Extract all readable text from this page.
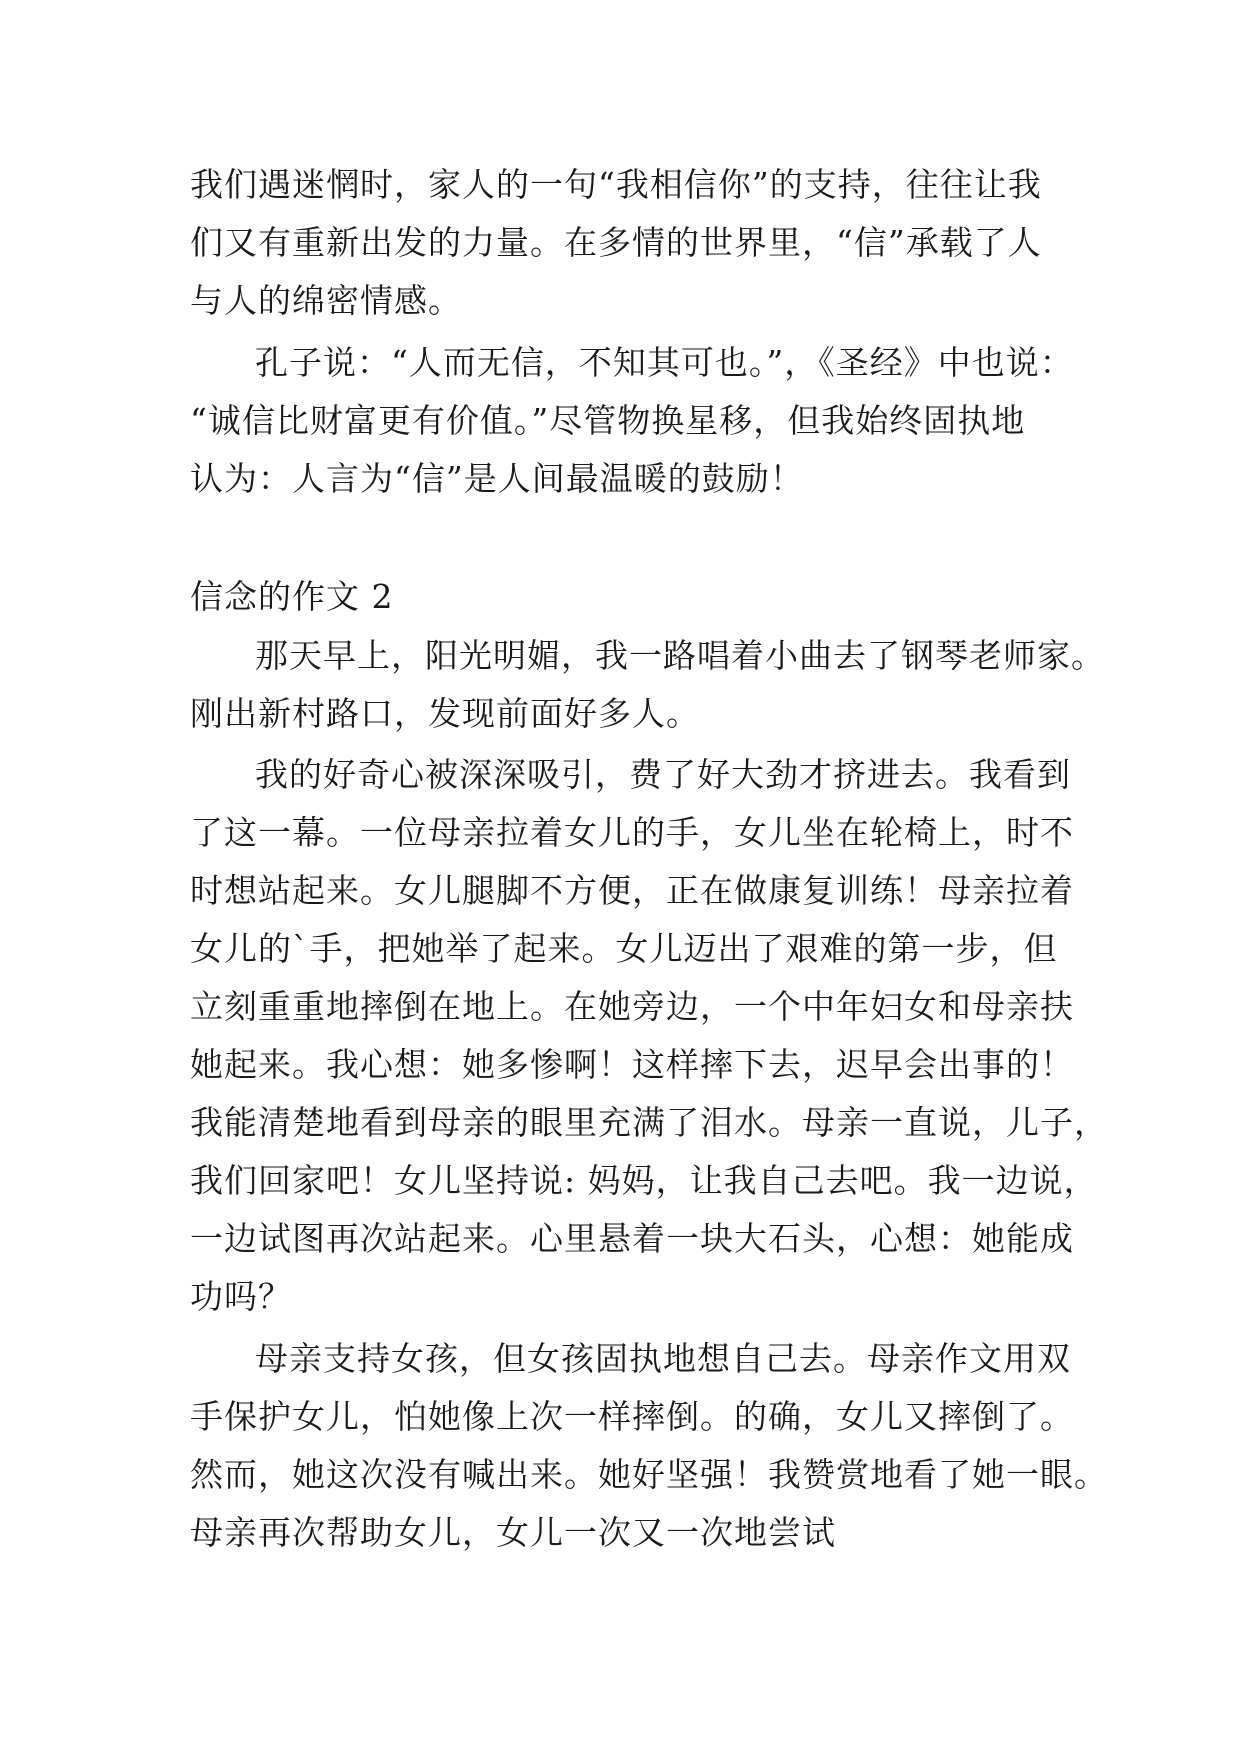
我们遇迷惘时，家人的一句“我相信你”的支持，往往让我
们又有重新出发的力量。在多情的世界里，“信”承载了人
与人的绵密情感。
孔子说：“人而无信，不知其可也。”，《圣经》中也说：
“诚信比财富更有价值。”尽管物换星移，但我始终固执地
认为：人言为“信”是人间最温暖的鼓励！
信念的作文 2
那天早上，阳光明媚，我一路唱着小曲去了钢琴老师家。
刚出新村路口，发现前面好多人。
我的好奇心被深深吸引，费了好大劲才挤进去。我看到
了这一幕。一位母亲拉着女儿的手，女儿坐在轮椅上，时不
时想站起来。女儿腿脚不方便，正在做康复训练！母亲拉着
女儿的`手，把她举了起来。女儿迈出了艰难的第一步，但
立刻重重地摔倒在地上。在她旁边，一个中年妇女和母亲扶
她起来。我心想：她多惨啊！这样摔下去，迟早会出事的！
我能清楚地看到母亲的眼里充满了泪水。母亲一直说，儿子，
我们回家吧！女儿坚持说: 妈妈，让我自己去吧。我一边说，
一边试图再次站起来。心里悬着一块大石头，心想：她能成
功吗？
母亲支持女孩，但女孩固执地想自己去。母亲作文用双
手保护女儿，怕她像上次一样摔倒。的确，女儿又摔倒了。
然而，她这次没有喊出来。她好坚强！我赞赏地看了她一眼。
母亲再次帮助女儿，女儿一次又一次地尝试
